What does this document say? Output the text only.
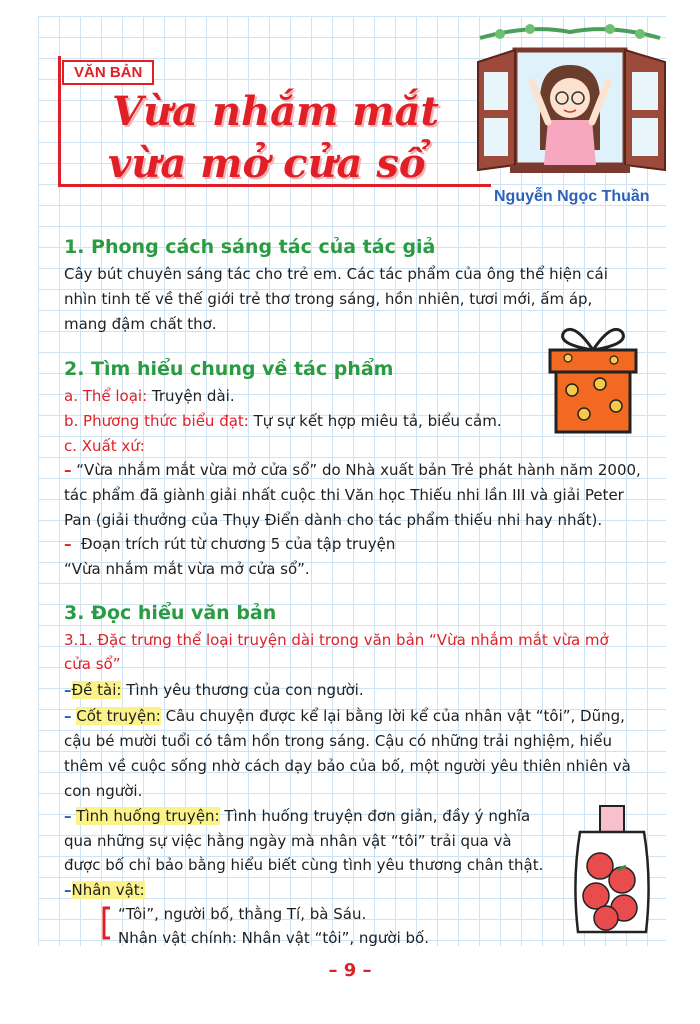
VĂN BẢN
Vừa nhắm mắt
vừa mở cửa sổ
Nguyễn Ngọc Thuần
1. Phong cách sáng tác của tác giả
Cây bút chuyên sáng tác cho trẻ em. Các tác phẩm của ông thể hiện cái
nhìn tinh tế về thế giới trẻ thơ trong sáng, hồn nhiên, tươi mới, ấm áp,
mang đậm chất thơ.
2. Tìm hiểu chung về tác phẩm
a. Thể loại: Truyện dài.
b. Phương thức biểu đạt: Tự sự kết hợp miêu tả, biểu cảm.
c. Xuất xứ:
– “Vừa nhắm mắt vừa mở cửa sổ” do Nhà xuất bản Trẻ phát hành năm 2000,
tác phẩm đã giành giải nhất cuộc thi Văn học Thiếu nhi lần III và giải Peter
Pan (giải thưởng của Thụy Điển dành cho tác phẩm thiếu nhi hay nhất).
– Đoạn trích rút từ chương 5 của tập truyện
“Vừa nhắm mắt vừa mở cửa sổ”.
3. Đọc hiểu văn bản
3.1. Đặc trưng thể loại truyện dài trong văn bản “Vừa nhắm mắt vừa mở
cửa sổ”
–Đề tài: Tình yêu thương của con người.
– Cốt truyện: Câu chuyện được kể lại bằng lời kể của nhân vật “tôi”, Dũng,
cậu bé mười tuổi có tâm hồn trong sáng. Cậu có những trải nghiệm, hiểu
thêm về cuộc sống nhờ cách dạy bảo của bố, một người yêu thiên nhiên và
con người.
– Tình huống truyện: Tình huống truyện đơn giản, đầy ý nghĩa
qua những sự việc hằng ngày mà nhân vật “tôi” trải qua và
được bố chỉ bảo bằng hiểu biết cùng tình yêu thương chân thật.
–Nhân vật:
“Tôi”, người bố, thằng Tí, bà Sáu.
Nhân vật chính: Nhân vật “tôi”, người bố.
– 9 –
